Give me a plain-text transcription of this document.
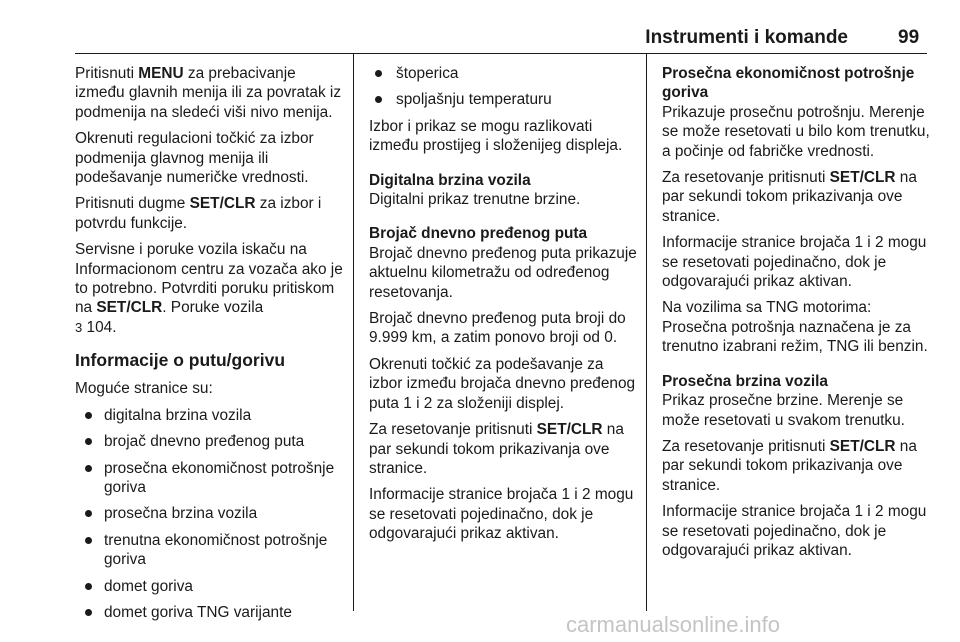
Instrumenti i komande	99

Pritisnuti MENU za prebacivanje između glavnih menija ili za povratak iz podmenija na sledeći viši nivo menija.

Okrenuti regulacioni točkić za izbor podmenija glavnog menija ili podešavanje numeričke vrednosti.

Pritisnuti dugme SET/CLR za izbor i potvrdu funkcije.

Servisne i poruke vozila iskaču na Informacionom centru za vozača ako je to potrebno. Potvrditi poruku pritiskom na SET/CLR. Poruke vozila
3 104.

Informacije o putu/gorivu

Moguće stranice su:

digitalna brzina vozila
brojač dnevno pređenog puta
prosečna ekonomičnost potrošnje goriva
prosečna brzina vozila
trenutna ekonomičnost potrošnje goriva
domet goriva
domet goriva TNG varijante
štoperica
spoljašnju temperaturu

Izbor i prikaz se mogu razlikovati između prostijeg i složenijeg displeja.

Digitalna brzina vozila

Digitalni prikaz trenutne brzine.

Brojač dnevno pređenog puta

Brojač dnevno pređenog puta prikazuje aktuelnu kilometražu od određenog resetovanja.

Brojač dnevno pređenog puta broji do 9.999 km, a zatim ponovo broji od 0.

Okrenuti točkić za podešavanje za izbor između brojača dnevno pređenog puta 1 i 2 za složeniji displej.

Za resetovanje pritisnuti SET/CLR na par sekundi tokom prikazivanja ove stranice.

Informacije stranice brojača 1 i 2 mogu se resetovati pojedinačno, dok je odgovarajući prikaz aktivan.

Prosečna ekonomičnost potrošnje goriva

Prikazuje prosečnu potrošnju. Merenje se može resetovati u bilo kom trenutku, a počinje od fabričke vrednosti.

Za resetovanje pritisnuti SET/CLR na par sekundi tokom prikazivanja ove stranice.

Informacije stranice brojača 1 i 2 mogu se resetovati pojedinačno, dok je odgovarajući prikaz aktivan.

Na vozilima sa TNG motorima: Prosečna potrošnja naznačena je za trenutno izabrani režim, TNG ili benzin.

Prosečna brzina vozila

Prikaz prosečne brzine. Merenje se može resetovati u svakom trenutku.

Za resetovanje pritisnuti SET/CLR na par sekundi tokom prikazivanja ove stranice.

Informacije stranice brojača 1 i 2 mogu se resetovati pojedinačno, dok je odgovarajući prikaz aktivan.

carmanualsonline.info
